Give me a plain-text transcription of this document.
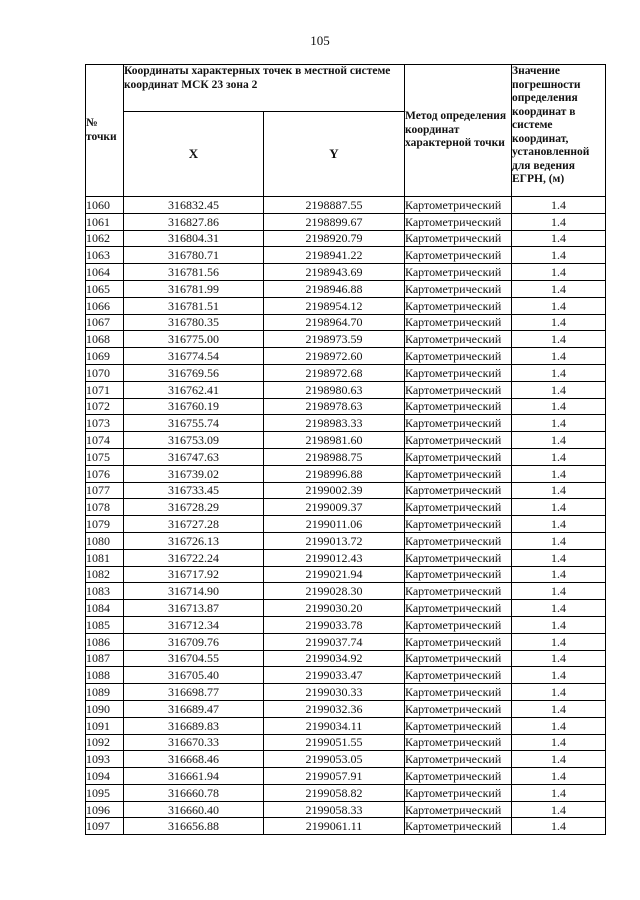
105
№ точки	Координаты характерных точек в местной системе координат МСК 23 зона 2		Метод определения координат характерной точки	Значение погрешности определения координат в системе координат, установленной для ведения ЕГРН, (м)
	X	Y		
1060	316832.45	2198887.55	Картометрический	1.4
1061	316827.86	2198899.67	Картометрический	1.4
1062	316804.31	2198920.79	Картометрический	1.4
1063	316780.71	2198941.22	Картометрический	1.4
1064	316781.56	2198943.69	Картометрический	1.4
1065	316781.99	2198946.88	Картометрический	1.4
1066	316781.51	2198954.12	Картометрический	1.4
1067	316780.35	2198964.70	Картометрический	1.4
1068	316775.00	2198973.59	Картометрический	1.4
1069	316774.54	2198972.60	Картометрический	1.4
1070	316769.56	2198972.68	Картометрический	1.4
1071	316762.41	2198980.63	Картометрический	1.4
1072	316760.19	2198978.63	Картометрический	1.4
1073	316755.74	2198983.33	Картометрический	1.4
1074	316753.09	2198981.60	Картометрический	1.4
1075	316747.63	2198988.75	Картометрический	1.4
1076	316739.02	2198996.88	Картометрический	1.4
1077	316733.45	2199002.39	Картометрический	1.4
1078	316728.29	2199009.37	Картометрический	1.4
1079	316727.28	2199011.06	Картометрический	1.4
1080	316726.13	2199013.72	Картометрический	1.4
1081	316722.24	2199012.43	Картометрический	1.4
1082	316717.92	2199021.94	Картометрический	1.4
1083	316714.90	2199028.30	Картометрический	1.4
1084	316713.87	2199030.20	Картометрический	1.4
1085	316712.34	2199033.78	Картометрический	1.4
1086	316709.76	2199037.74	Картометрический	1.4
1087	316704.55	2199034.92	Картометрический	1.4
1088	316705.40	2199033.47	Картометрический	1.4
1089	316698.77	2199030.33	Картометрический	1.4
1090	316689.47	2199032.36	Картометрический	1.4
1091	316689.83	2199034.11	Картометрический	1.4
1092	316670.33	2199051.55	Картометрический	1.4
1093	316668.46	2199053.05	Картометрический	1.4
1094	316661.94	2199057.91	Картометрический	1.4
1095	316660.78	2199058.82	Картометрический	1.4
1096	316660.40	2199058.33	Картометрический	1.4
1097	316656.88	2199061.11	Картометрический	1.4
